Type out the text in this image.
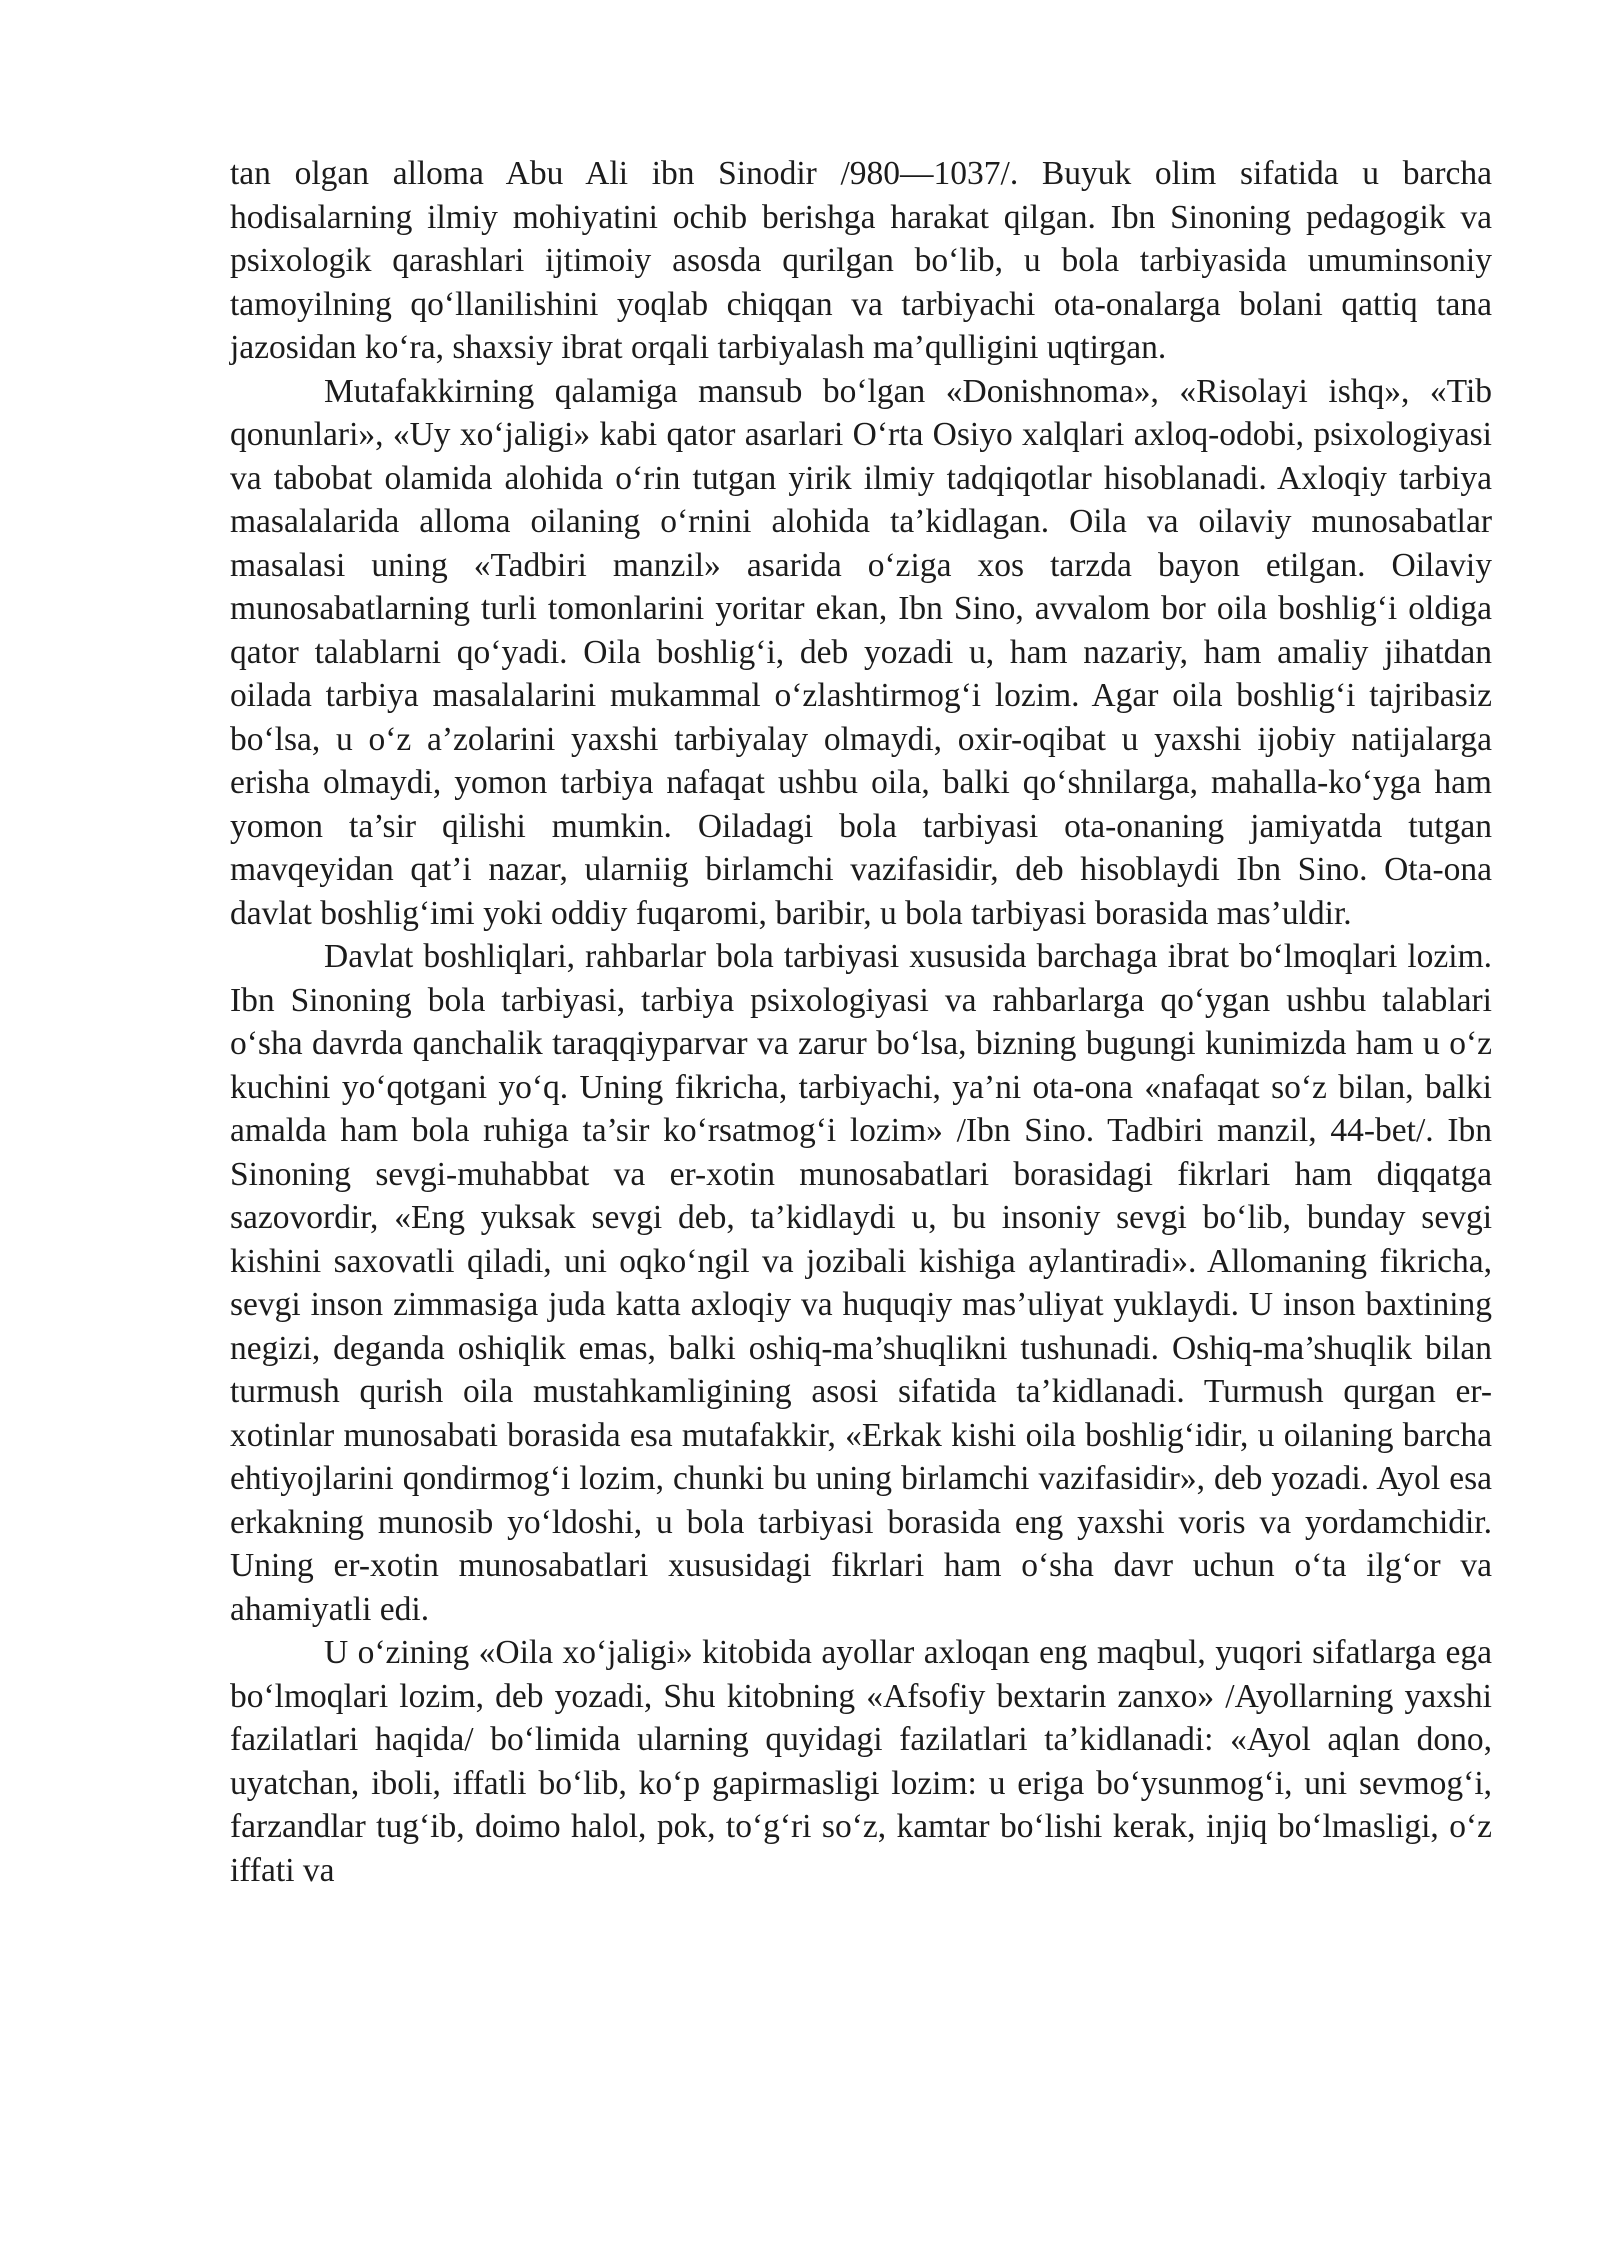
tan olgan alloma Abu Ali ibn Sinodir /980—1037/. Buyuk olim sifatida u barcha hodisalarning ilmiy mohiyatini ochib berishga harakat qilgan. Ibn Sinoning pedagogik va psixologik qarashlari ijtimoiy asosda qurilgan bo‘lib, u bola tarbiyasida umuminsoniy tamoyilning qo‘llanilishini yoqlab chiqqan va tarbiyachi ota-onalarga bolani qattiq tana jazosidan ko‘ra, shaxsiy ibrat orqali tarbiyalash ma’qulligini uqtirgan.

Mutafakkirning qalamiga mansub bo‘lgan «Donishnoma», «Risolayi ishq», «Tib qonunlari», «Uy xo‘jaligi» kabi qator asarlari O‘rta Osiyo xalqlari axloq-odobi, psixologiyasi va tabobat olamida alohida o‘rin tutgan yirik ilmiy tadqiqotlar hisoblanadi. Axloqiy tarbiya masalalarida alloma oilaning o‘rnini alohida ta’kidlagan. Oila va oilaviy munosabatlar masalasi uning «Tadbiri manzil» asarida o‘ziga xos tarzda bayon etilgan. Oilaviy munosabatlarning turli tomonlarini yoritar ekan, Ibn Sino, avvalom bor oila boshlig‘i oldiga qator talablarni qo‘yadi. Oila boshlig‘i, deb yozadi u, ham nazariy, ham amaliy jihatdan oilada tarbiya masalalarini mukammal o‘zlashtirmog‘i lozim. Agar oila boshlig‘i tajribasiz bo‘lsa, u o‘z a’zolarini yaxshi tarbiyalay olmaydi, oxir-oqibat u yaxshi ijobiy natijalarga erisha olmaydi, yomon tarbiya nafaqat ushbu oila, balki qo‘shnilarga, mahalla-ko‘yga ham yomon ta’sir qilishi mumkin. Oiladagi bola tarbiyasi ota-onaning jamiyatda tutgan mavqeyidan qat’i nazar, ularniig birlamchi vazifasidir, deb hisoblaydi Ibn Sino. Ota-ona davlat boshlig‘imi yoki oddiy fuqaromi, baribir, u bola tarbiyasi borasida mas’uldir.

Davlat boshliqlari, rahbarlar bola tarbiyasi xususida barchaga ibrat bo‘lmoqlari lozim. Ibn Sinoning bola tarbiyasi, tarbiya psixologiyasi va rahbarlarga qo‘ygan ushbu talablari o‘sha davrda qanchalik taraqqiyparvar va zarur bo‘lsa, bizning bugungi kunimizda ham u o‘z kuchini yo‘qotgani yo‘q. Uning fikricha, tarbiyachi, ya’ni ota-ona «nafaqat so‘z bilan, balki amalda ham bola ruhiga ta’sir ko‘rsatmog‘i lozim» /Ibn Sino. Tadbiri manzil, 44-bet/. Ibn Sinoning sevgi-muhabbat va er-xotin munosabatlari borasidagi fikrlari ham diqqatga sazovordir, «Eng yuksak sevgi deb, ta’kidlaydi u, bu insoniy sevgi bo‘lib, bunday sevgi kishini saxovatli qiladi, uni oqko‘ngil va jozibali kishiga aylantiradi». Allomaning fikricha, sevgi inson zimmasiga juda katta axloqiy va huquqiy mas’uliyat yuklaydi. U inson baxtining negizi, deganda oshiqlik emas, balki oshiq-ma’shuqlikni tushunadi. Oshiq-ma’shuqlik bilan turmush qurish oila mustahkamligining asosi sifatida ta’kidlanadi. Turmush qurgan er-xotinlar munosabati borasida esa mutafakkir, «Erkak kishi oila boshlig‘idir, u oilaning barcha ehtiyojlarini qondirmog‘i lozim, chunki bu uning birlamchi vazifasidir», deb yozadi. Ayol esa erkakning munosib yo‘ldoshi, u bola tarbiyasi borasida eng yaxshi voris va yordamchidir. Uning er-xotin munosabatlari xususidagi fikrlari ham o‘sha davr uchun o‘ta ilg‘or va ahamiyatli edi.

U o‘zining «Oila xo‘jaligi» kitobida ayollar axloqan eng maqbul, yuqori sifatlarga ega bo‘lmoqlari lozim, deb yozadi, Shu kitobning «Afsofiy bextarin zanxo» /Ayollarning yaxshi fazilatlari haqida/ bo‘limida ularning quyidagi fazilatlari ta’kidlanadi: «Ayol aqlan dono, uyatchan, iboli, iffatli bo‘lib, ko‘p gapirmasligi lozim: u eriga bo‘ysunmog‘i, uni sevmog‘i, farzandlar tug‘ib, doimo halol, pok, to‘g‘ri so‘z, kamtar bo‘lishi kerak, injiq bo‘lmasligi, o‘z iffati va
